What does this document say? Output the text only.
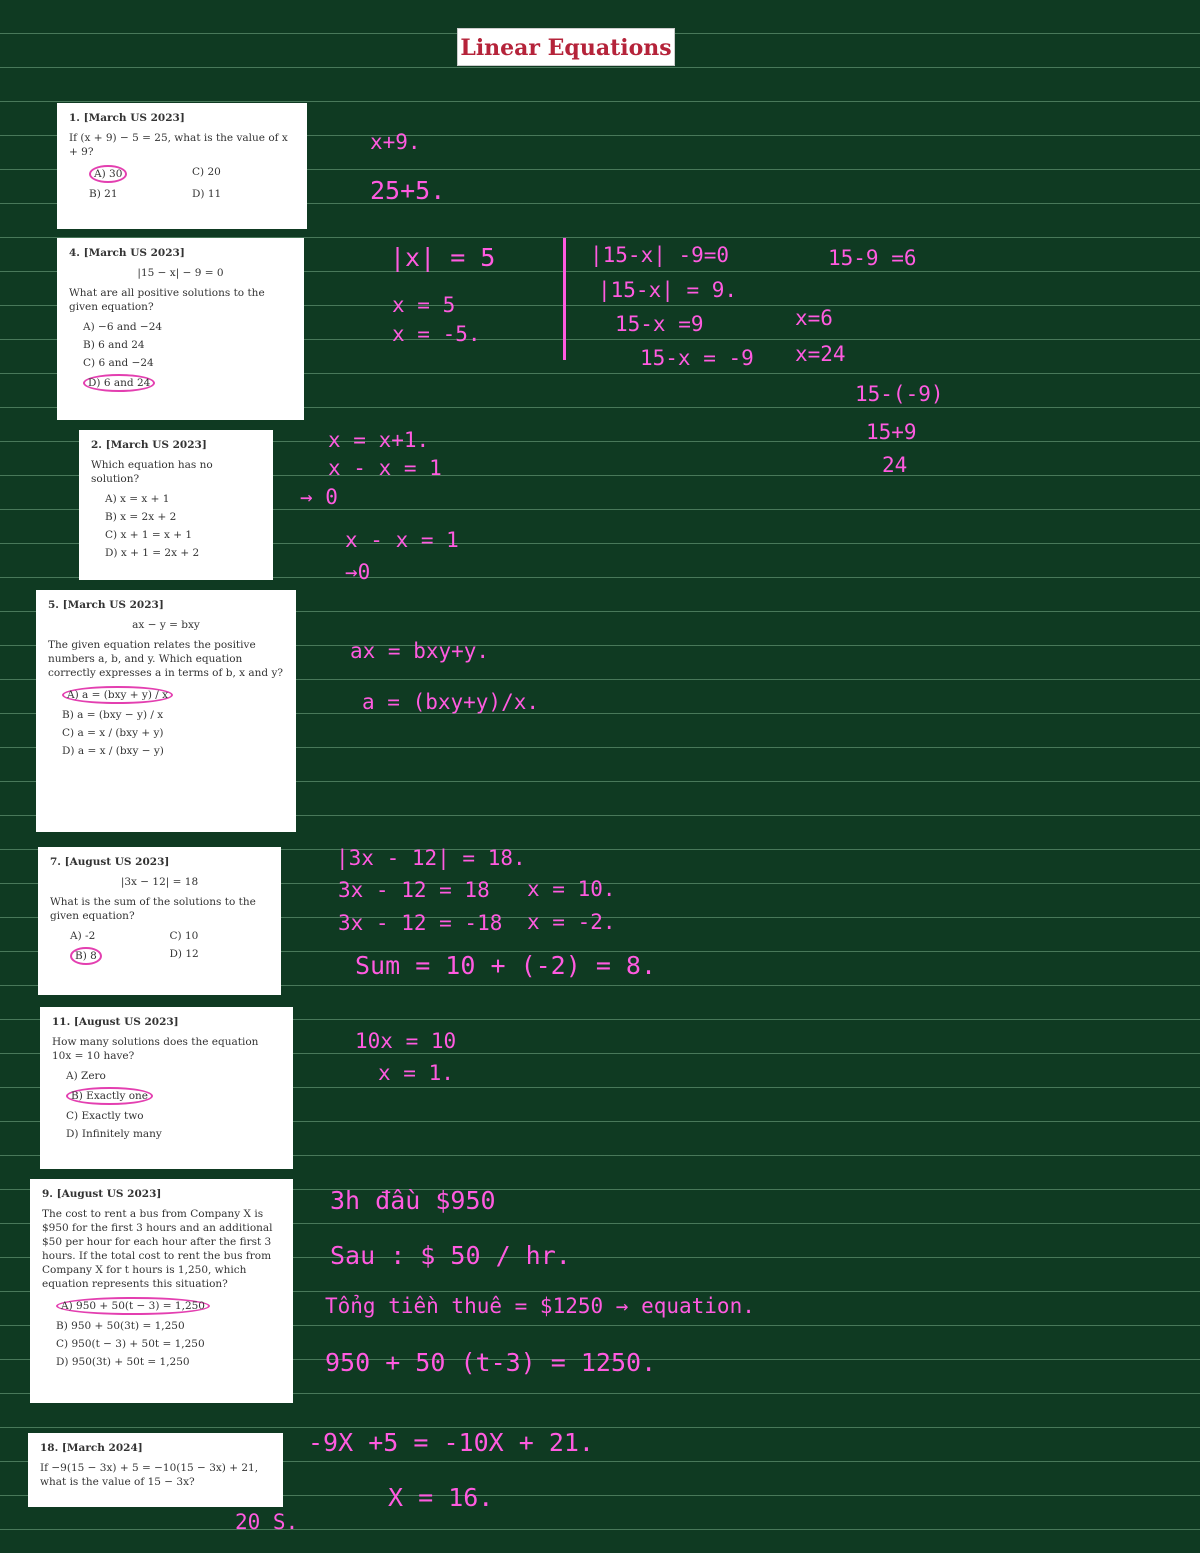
Linear Equations
1. [March US 2023]
If (x + 9) − 5 = 25, what is the value of x + 9?
A) 30	C) 20
B) 21	D) 11
4. [March US 2023]
|15 − x| − 9 = 0
What are all positive solutions to the given equation?
A) −6 and −24
B) 6 and 24
C) 6 and −24
D) 6 and 24
2. [March US 2023]
Which equation has no solution?
A) x = x + 1
B) x = 2x + 2
C) x + 1 = x + 1
D) x + 1 = 2x + 2
5. [March US 2023]
ax − y = bxy
The given equation relates the positive numbers a, b, and y. Which equation correctly expresses a in terms of b, x and y?
A) a = (bxy + y) / x
B) a = (bxy − y) / x
C) a = x / (bxy + y)
D) a = x / (bxy − y)
7. [August US 2023]
|3x − 12| = 18
What is the sum of the solutions to the given equation?
A) -2	C) 10
B) 8	D) 12
11. [August US 2023]
How many solutions does the equation 10x = 10 have?
A) Zero
B) Exactly one
C) Exactly two
D) Infinitely many
9. [August US 2023]
The cost to rent a bus from Company X is $950 for the first 3 hours and an additional $50 per hour for each hour after the first 3 hours. If the total cost to rent the bus from Company X for t hours is 1,250, which equation represents this situation?
A) 950 + 50(t − 3) = 1,250
B) 950 + 50(3t) = 1,250
C) 950(t − 3) + 50t = 1,250
D) 950(3t) + 50t = 1,250
18. [March 2024]
If −9(15 − 3x) + 5 = −10(15 − 3x) + 21, what is the value of 15 − 3x?
x+9.
25+5.
|x| = 5
x = 5
x = -5.
|15-x| -9=0
|15-x| = 9.
15-x =9
15-x = -9
15-9 =6
x=6
x=24
15-(-9)
15+9
24
x = x+1.
x - x = 1
→ 0
x - x = 1
→0
ax = bxy+y.
a = (bxy+y)/x.
|3x - 12| = 18.
3x - 12 = 18
3x - 12 = -18
x = 10.
x = -2.
Sum = 10 + (-2) = 8.
10x = 10
x = 1.
3h đầu $950
Sau : $ 50 / hr.
Tổng tiền thuê = $1250 → equation.
950 + 50 (t-3) = 1250.
-9X +5 = -10X + 21.
X = 16.
20 S.
